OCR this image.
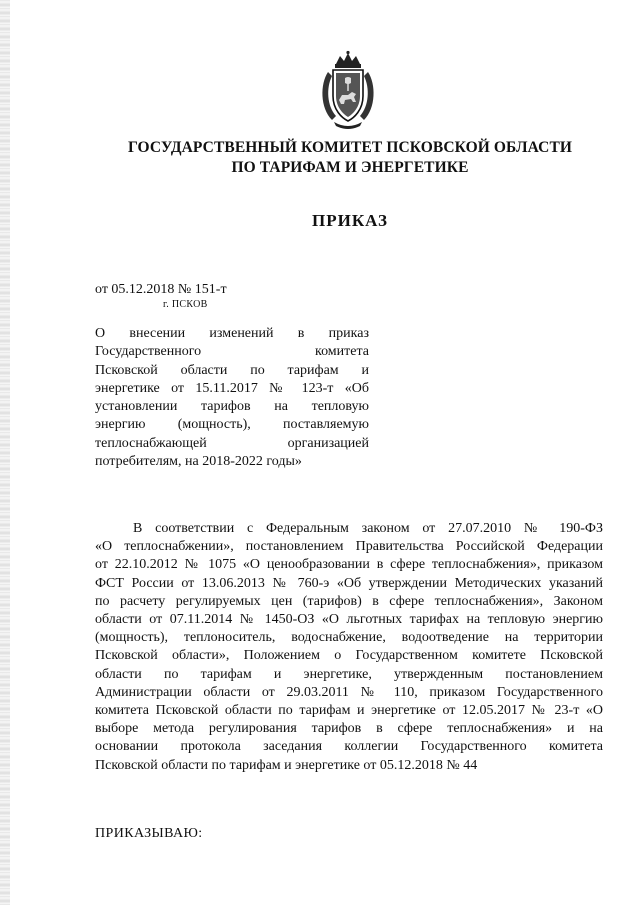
ГОСУДАРСТВЕННЫЙ КОМИТЕТ ПСКОВСКОЙ ОБЛАСТИ
ПО ТАРИФАМ И ЭНЕРГЕТИКЕ
ПРИКАЗ
от 05.12.2018 № 151-т
г. ПСКОВ
О внесении изменений в приказ
Государственного комитета
Псковской области по тарифам и
энергетике от 15.11.2017 № 123-т «Об
установлении тарифов на тепловую
энергию (мощность), поставляемую
теплоснабжающей организацией
потребителям, на 2018-2022 годы»
В соответствии с Федеральным законом от 27.07.2010 № 190-ФЗ
«О теплоснабжении», постановлением Правительства Российской Федерации
от 22.10.2012 № 1075 «О ценообразовании в сфере теплоснабжения», приказом
ФСТ России от 13.06.2013 № 760-э «Об утверждении Методических указаний
по расчету регулируемых цен (тарифов) в сфере теплоснабжения», Законом
области от 07.11.2014 № 1450-ОЗ «О льготных тарифах на тепловую энергию
(мощность), теплоноситель, водоснабжение, водоотведение на территории
Псковской области», Положением о Государственном комитете Псковской
области по тарифам и энергетике, утвержденным постановлением
Администрации области от 29.03.2011 № 110, приказом Государственного
комитета Псковской области по тарифам и энергетике от 12.05.2017 № 23-т «О
выборе метода регулирования тарифов в сфере теплоснабжения» и на
основании протокола заседания коллегии Государственного комитета
Псковской области по тарифам и энергетике от 05.12.2018 № 44
ПРИКАЗЫВАЮ:
